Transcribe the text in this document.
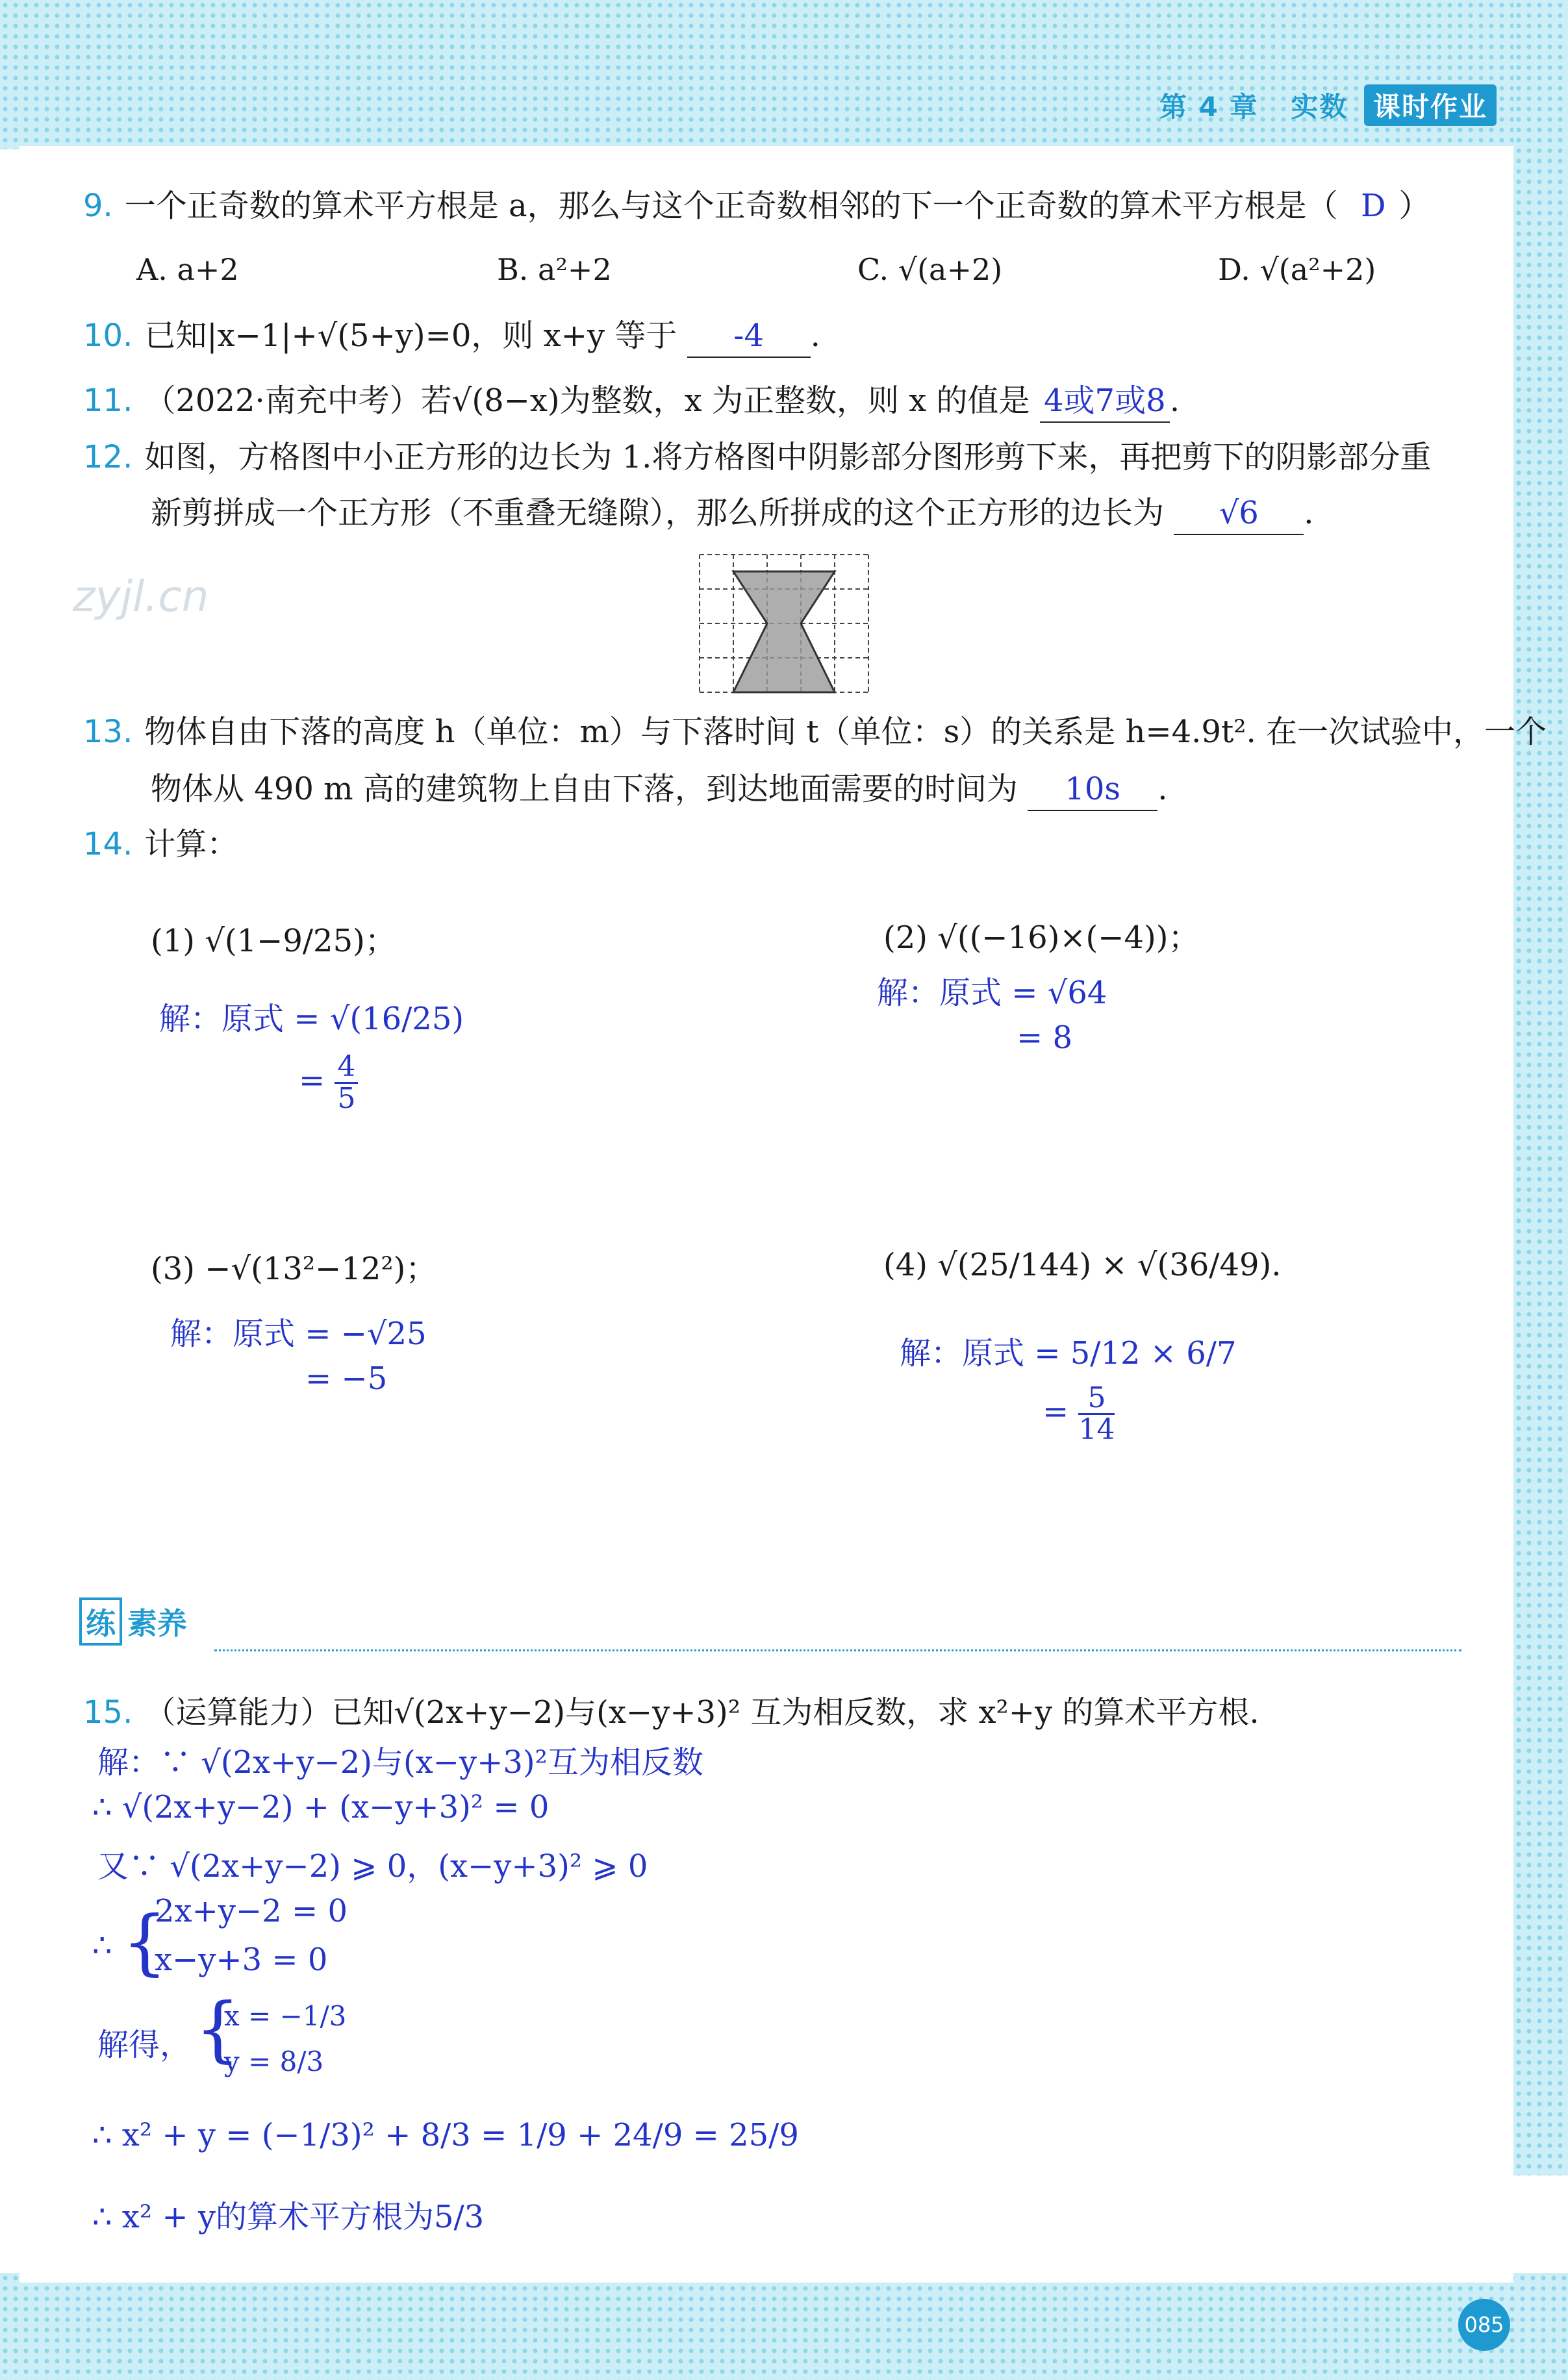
第 4 章 实数 课时作业
zyjl.cn
9. 一个正奇数的算术平方根是 a，那么与这个正奇数相邻的下一个正奇数的算术平方根是（ D ）
A. a+2	B. a²+2	C. √(a+2)	D. √(a²+2)
10. 已知|x−1|+√(5+y)=0，则 x+y 等于 -4 .
11. （2022·南充中考）若√(8−x)为整数，x 为正整数，则 x 的值是 4或7或8 .
12. 如图，方格图中小正方形的边长为 1.将方格图中阴影部分图形剪下来，再把剪下的阴影部分重
新剪拼成一个正方形（不重叠无缝隙），那么所拼成的这个正方形的边长为 √6 .
13. 物体自由下落的高度 h（单位：m）与下落时间 t（单位：s）的关系是 h=4.9t². 在一次试验中，一个
物体从 490 m 高的建筑物上自由下落，到达地面需要的时间为 10s .
14. 计算：
(1) √(1−9/25)；
解：原式 = √(16/25)
= $\frac{4}{5}$
(2) √((−16)×(−4))；
解：原式 = √64
= 8
(3) −√(13²−12²)；
解：原式 = −√25
= −5
(4) √(25/144) × √(36/49).
解：原式 = 5/12 × 6/7
= $\frac{5}{14}$
练 素养
15. （运算能力）已知√(2x+y−2)与(x−y+3)² 互为相反数，求 x²+y 的算术平方根.
解：∵ √(2x+y−2)与(x−y+3)²互为相反数
∴ √(2x+y−2) + (x−y+3)² = 0
又∵ √(2x+y−2) ⩾ 0，(x−y+3)² ⩾ 0
∴ {
2x+y−2 = 0
x−y+3 = 0
解得， {
x = −1/3
y = 8/3
∴ x² + y = (−1/3)² + 8/3 = 1/9 + 24/9 = 25/9
∴ x² + y的算术平方根为5/3
085
